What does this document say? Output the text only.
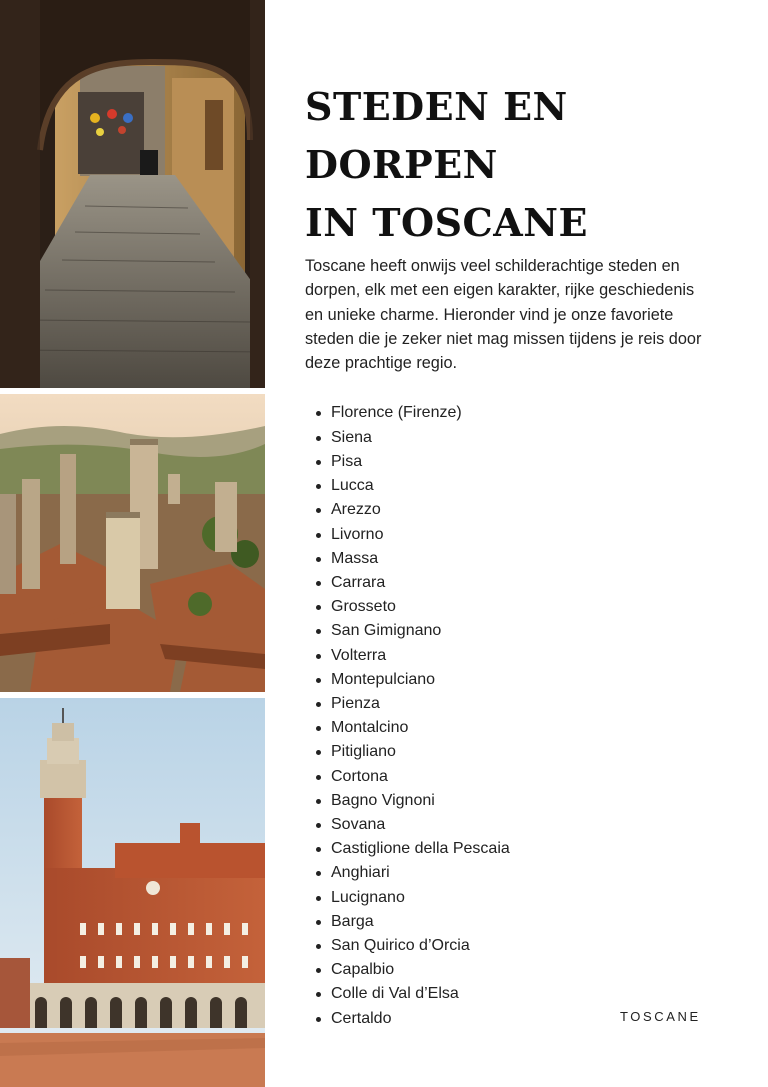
STEDEN EN DORPEN
IN TOSCANE

Toscane heeft onwijs veel schilderachtige steden en dorpen, elk met een eigen karakter, rijke geschiedenis en unieke charme. Hieronder vind je onze favoriete steden die je zeker niet mag missen tijdens je reis door deze prachtige regio.

Florence (Firenze)
Siena
Pisa
Lucca
Arezzo
Livorno
Massa
Carrara
Grosseto
San Gimignano
Volterra
Montepulciano
Pienza
Montalcino
Pitigliano
Cortona
Bagno Vignoni
Sovana
Castiglione della Pescaia
Anghiari
Lucignano
Barga
San Quirico d’Orcia
Capalbio
Colle di Val d’Elsa
Certaldo	TOSCANE
